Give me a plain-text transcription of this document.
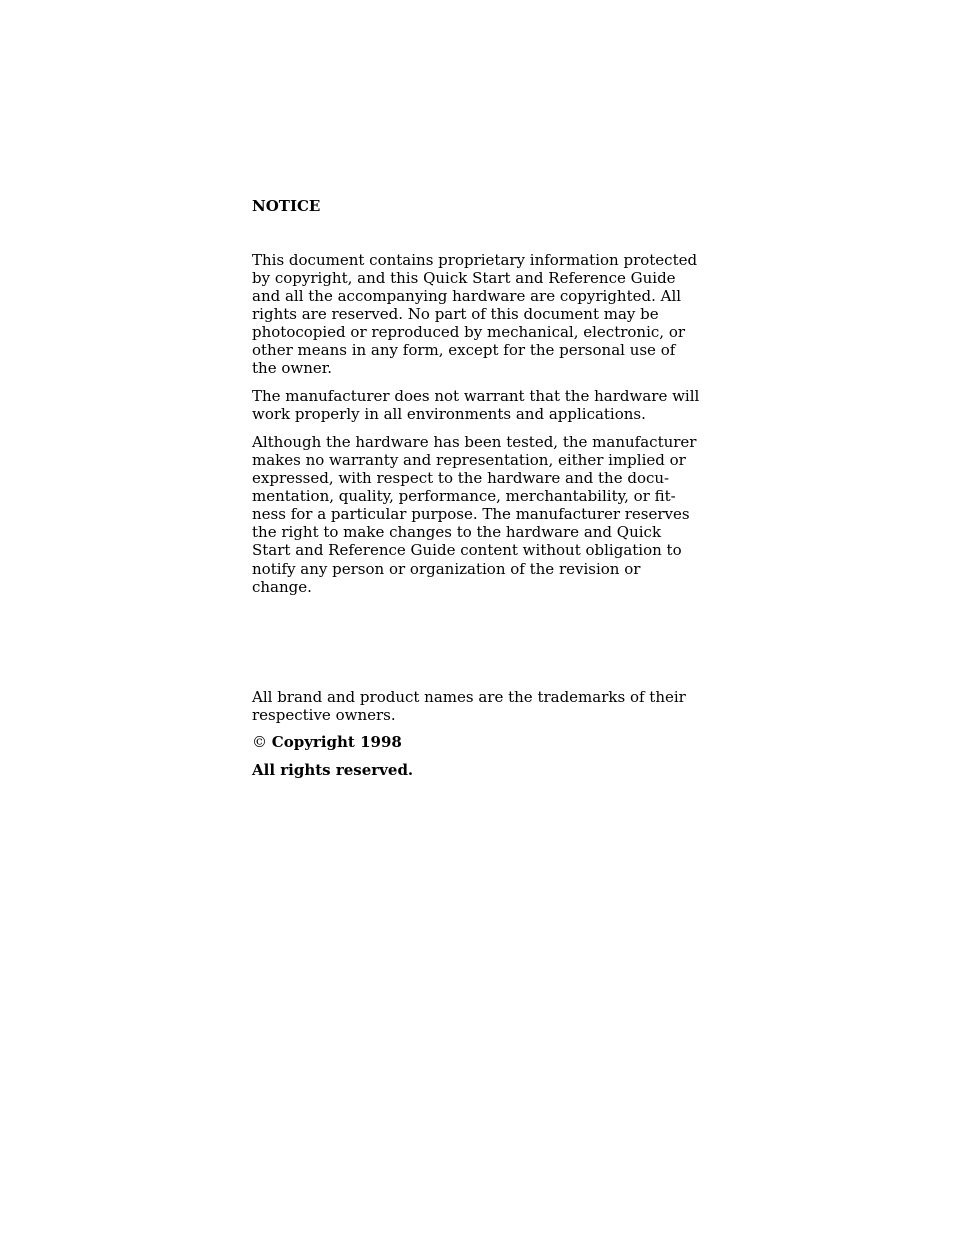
NOTICE
This document contains proprietary information protected
by copyright, and this Quick Start and Reference Guide
and all the accompanying hardware are copyrighted. All
rights are reserved. No part of this document may be
photocopied or reproduced by mechanical, electronic, or
other means in any form, except for the personal use of
the owner.
The manufacturer does not warrant that the hardware will
work properly in all environments and applications.
Although the hardware has been tested, the manufacturer
makes no warranty and representation, either implied or
expressed, with respect to the hardware and the docu-
mentation, quality, performance, merchantability, or fit-
ness for a particular purpose. The manufacturer reserves
the right to make changes to the hardware and Quick
Start and Reference Guide content without obligation to
notify any person or organization of the revision or
change.
All brand and product names are the trademarks of their
respective owners.
© Copyright 1998
All rights reserved.
